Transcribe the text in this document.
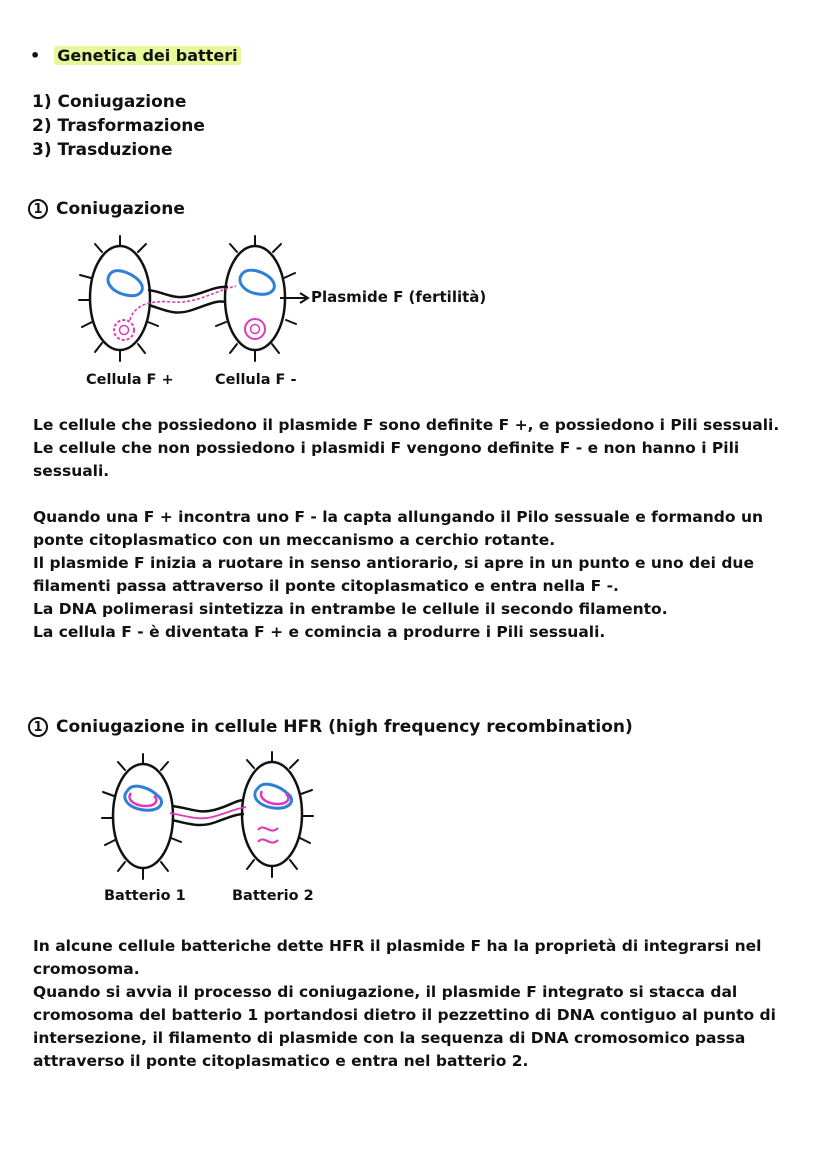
• Genetica dei batteri
1) Coniugazione
2) Trasformazione
3) Trasduzione
1 Coniugazione
Plasmide F (fertilità)
Cellula F +	Cellula F -

Le cellule che possiedono il plasmide F sono definite F +, e possiedono i Pili sessuali.

Le cellule che non possiedono i plasmidi F vengono definite F - e non hanno i Pili sessuali.

Quando una F + incontra uno F - la capta allungando il Pilo sessuale e formando un ponte citoplasmatico con un meccanismo a cerchio rotante.

Il plasmide F inizia a ruotare in senso antiorario, si apre in un punto e uno dei due filamenti passa attraverso il ponte citoplasmatico e entra nella F -.

La DNA polimerasi sintetizza in entrambe le cellule il secondo filamento.

La cellula F - è diventata F + e comincia a produrre i Pili sessuali.

1 Coniugazione in cellule HFR (high frequency recombination)
Batterio 1	Batterio 2

In alcune cellule batteriche dette HFR il plasmide F ha la proprietà di integrarsi nel cromosoma.

Quando si avvia il processo di coniugazione, il plasmide F integrato si stacca dal cromosoma del batterio 1 portandosi dietro il pezzettino di DNA contiguo al punto di intersezione, il filamento di plasmide con la sequenza di DNA cromosomico passa attraverso il ponte citoplasmatico e entra nel batterio 2.
